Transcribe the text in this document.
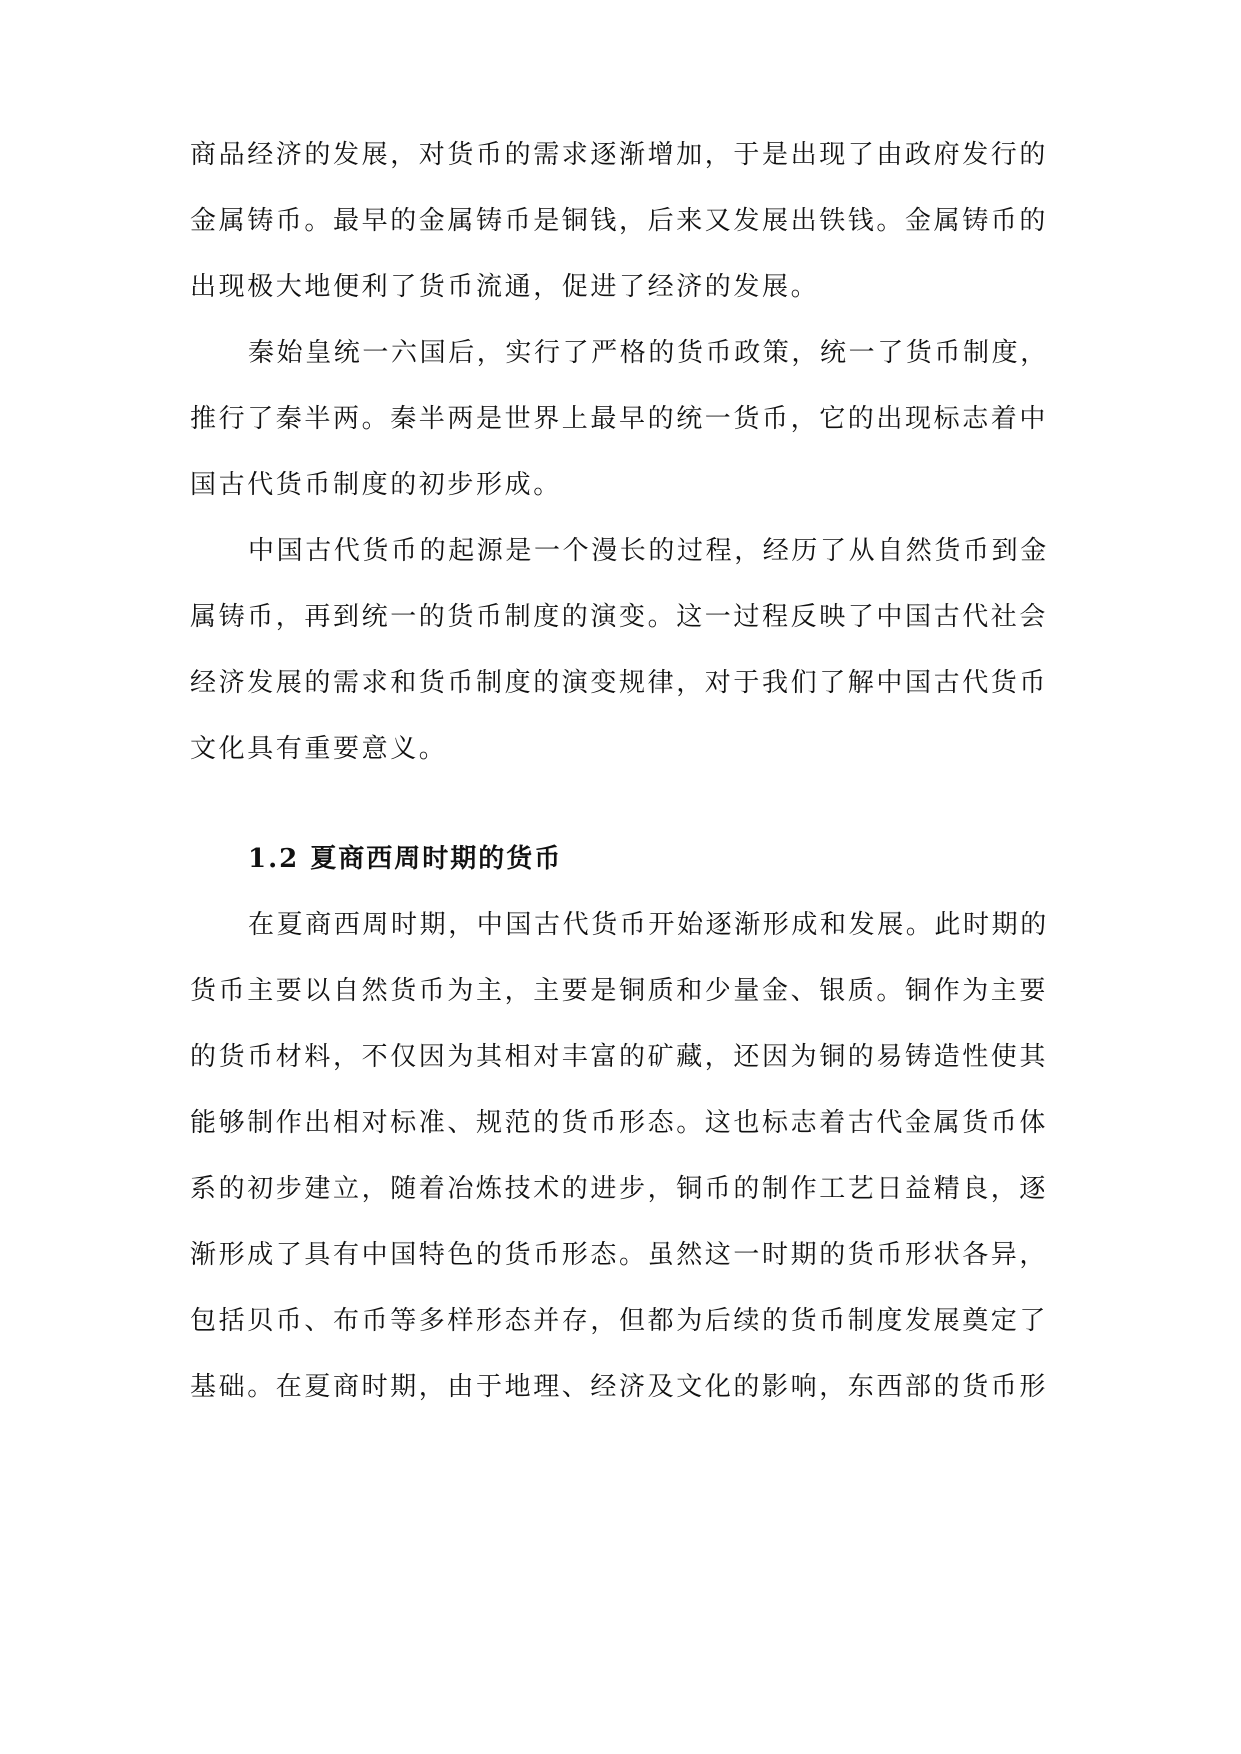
商品经济的发展，对货币的需求逐渐增加，于是出现了由政府发行的
金属铸币。最早的金属铸币是铜钱，后来又发展出铁钱。金属铸币的
出现极大地便利了货币流通，促进了经济的发展。
秦始皇统一六国后，实行了严格的货币政策，统一了货币制度，
推行了秦半两。秦半两是世界上最早的统一货币，它的出现标志着中
国古代货币制度的初步形成。
中国古代货币的起源是一个漫长的过程，经历了从自然货币到金
属铸币，再到统一的货币制度的演变。这一过程反映了中国古代社会
经济发展的需求和货币制度的演变规律，对于我们了解中国古代货币
文化具有重要意义。
1.2 夏商西周时期的货币
在夏商西周时期，中国古代货币开始逐渐形成和发展。此时期的
货币主要以自然货币为主，主要是铜质和少量金、银质。铜作为主要
的货币材料，不仅因为其相对丰富的矿藏，还因为铜的易铸造性使其
能够制作出相对标准、规范的货币形态。这也标志着古代金属货币体
系的初步建立，随着冶炼技术的进步，铜币的制作工艺日益精良，逐
渐形成了具有中国特色的货币形态。虽然这一时期的货币形状各异，
包括贝币、布币等多样形态并存，但都为后续的货币制度发展奠定了
基础。在夏商时期，由于地理、经济及文化的影响，东西部的货币形
